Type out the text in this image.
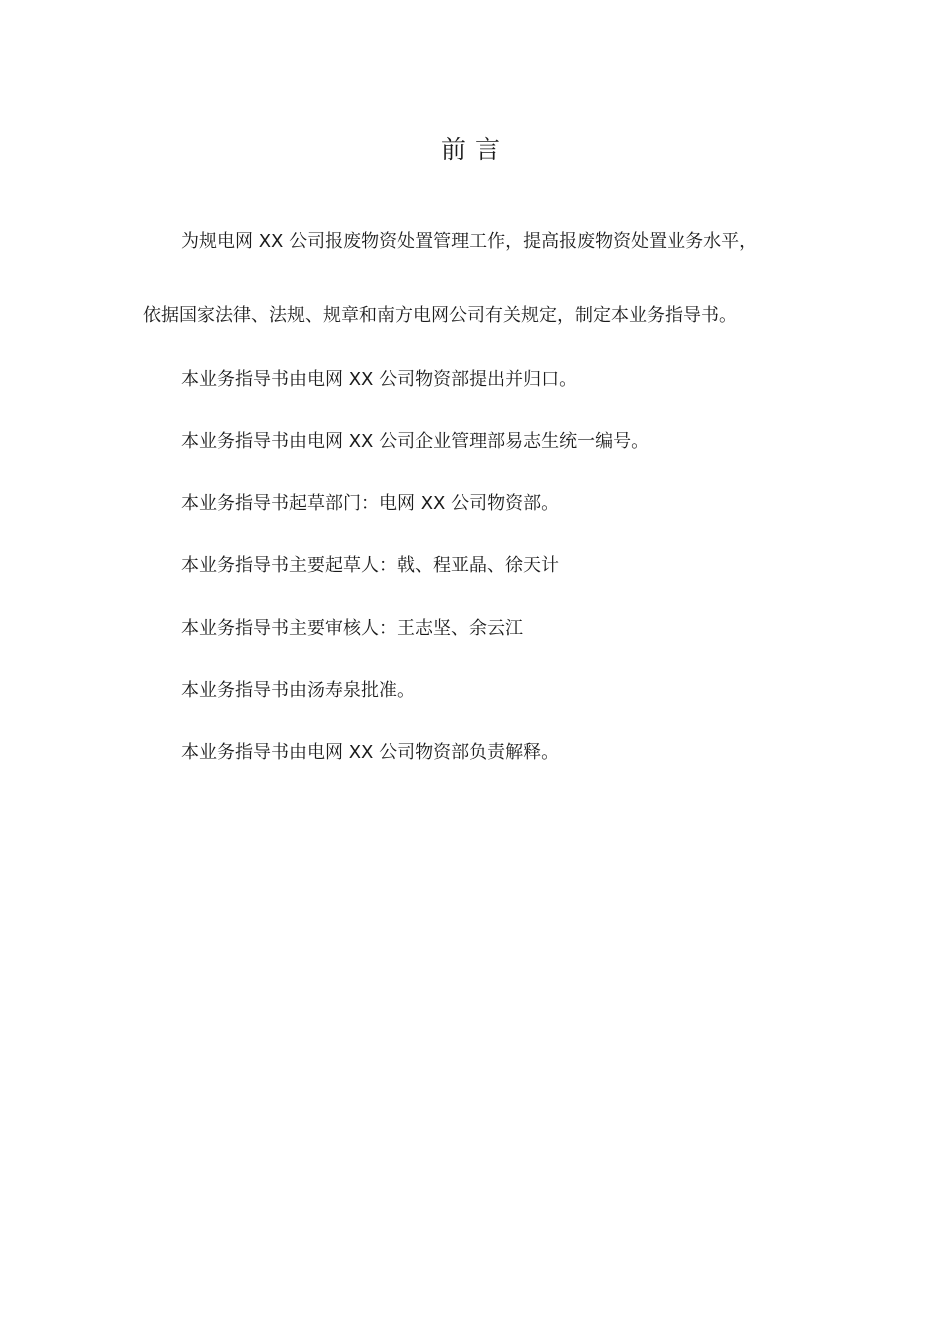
前言
为规电网 XX 公司报废物资处置管理工作，提高报废物资处置业务水平，
依据国家法律、法规、规章和南方电网公司有关规定，制定本业务指导书。
本业务指导书由电网 XX 公司物资部提出并归口。
本业务指导书由电网 XX 公司企业管理部易志生统一编号。
本业务指导书起草部门：电网 XX 公司物资部。
本业务指导书主要起草人：戟、程亚晶、徐天计
本业务指导书主要审核人：王志坚、余云江
本业务指导书由汤寿泉批准。
本业务指导书由电网 XX 公司物资部负责解释。
